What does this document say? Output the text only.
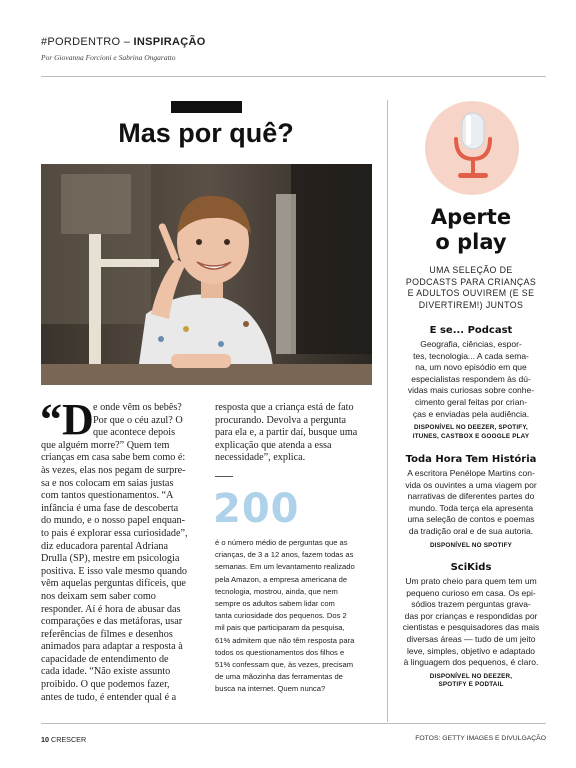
#PORDENTRO – INSPIRAÇÃO
Por Giovanna Forcioni e Sabrina Ongaratto
Mas por quê?
“D e onde vêm os bebês?
Por que o céu azul? O
que acontece depois
que alguém morre?” Quem tem
crianças em casa sabe bem como é:
às vezes, elas nos pegam de surpre-
sa e nos colocam em saias justas
com tantos questionamentos. “A
infância é uma fase de descoberta
do mundo, e o nosso papel enquan-
to pais é explorar essa curiosidade”,
diz educadora parental Adriana
Drulla (SP), mestre em psicologia
positiva. E isso vale mesmo quando
vêm aquelas perguntas difíceis, que
nos deixam sem saber como
responder. Aí é hora de abusar das
comparações e das metáforas, usar
referências de filmes e desenhos
animados para adaptar a resposta à
capacidade de entendimento de
cada idade. “Não existe assunto
proibido. O que podemos fazer,
antes de tudo, é entender qual é a
resposta que a criança está de fato
procurando. Devolva a pergunta
para ela e, a partir daí, busque uma
explicação que atenda a essa
necessidade”, explica.
200
é o número médio de perguntas que as
crianças, de 3 a 12 anos, fazem todas as
semanas. Em um levantamento realizado
pela Amazon, a empresa americana de
tecnologia, mostrou, ainda, que nem
sempre os adultos sabem lidar com
tanta curiosidade dos pequenos. Dos 2
mil pais que participaram da pesquisa,
61% admitem que não têm resposta para
todos os questionamentos dos filhos e
51% confessam que, às vezes, precisam
de uma mãozinha das ferramentas de
busca na internet. Quem nunca?
Aperte
o play
UMA SELEÇÃO DE
PODCASTS PARA CRIANÇAS
E ADULTOS OUVIREM (E SE
DIVERTIREM!) JUNTOS
E se... Podcast
Geografia, ciências, espor-
tes, tecnologia... A cada sema-
na, um novo episódio em que
especialistas respondem às dú-
vidas mais curiosas sobre conhe-
cimento geral feitas por crian-
ças e enviadas pela audiência.
DISPONÍVEL NO DEEZER, SPOTIFY,
ITUNES, CASTBOX E GOOGLE PLAY
Toda Hora Tem História
A escritora Penélope Martins con-
vida os ouvintes a uma viagem por
narrativas de diferentes partes do
mundo. Toda terça ela apresenta
uma seleção de contos e poemas
da tradição oral e de sua autoria.
DISPONÍVEL NO SPOTIFY
SciKids
Um prato cheio para quem tem um
pequeno curioso em casa. Os epi-
sódios trazem perguntas grava-
das por crianças e respondidas por
cientistas e pesquisadores das mais
diversas áreas — tudo de um jeito
leve, simples, objetivo e adaptado
à linguagem dos pequenos, é claro.
DISPONÍVEL NO DEEZER,
SPOTIFY E PODTAIL
10 CRESCER	FOTOS: GETTY IMAGES E DIVULGAÇÃO
